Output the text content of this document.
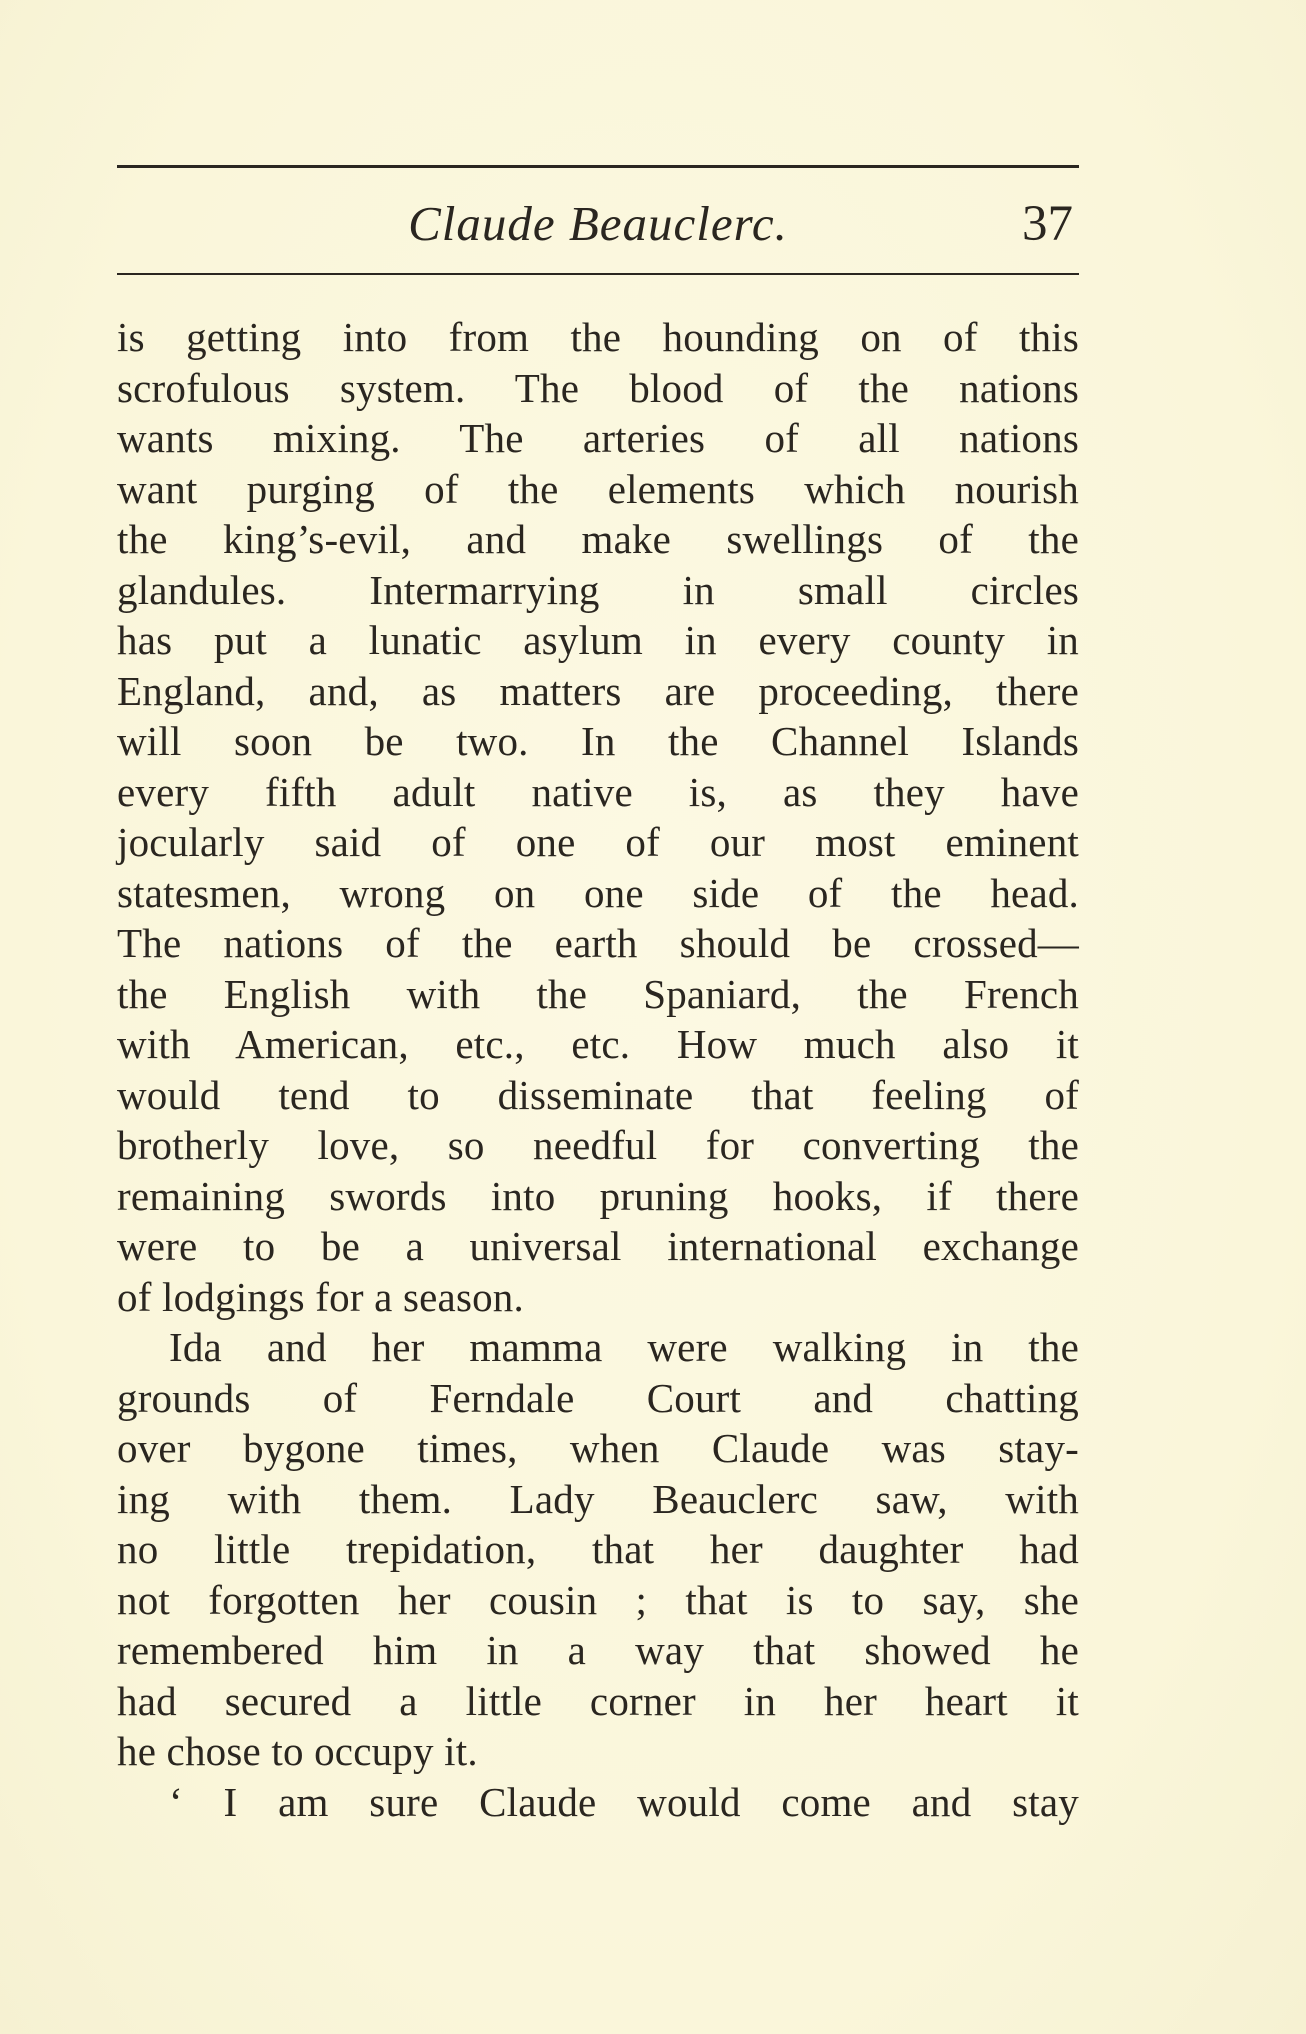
Claude Beauclerc.	37
is getting into from the hounding on of this
scrofulous system. The blood of the nations
wants mixing. The arteries of all nations
want purging of the elements which nourish
the king’s-evil, and make swellings of the
glandules. Intermarrying in small circles
has put a lunatic asylum in every county in
England, and, as matters are proceeding, there
will soon be two. In the Channel Islands
every fifth adult native is, as they have
jocularly said of one of our most eminent
statesmen, wrong on one side of the head.
The nations of the earth should be crossed—
the English with the Spaniard, the French
with American, etc., etc. How much also it
would tend to disseminate that feeling of
brotherly love, so needful for converting the
remaining swords into pruning hooks, if there
were to be a universal international exchange
of lodgings for a season.
Ida and her mamma were walking in the
grounds of Ferndale Court and chatting
over bygone times, when Claude was stay-
ing with them. Lady Beauclerc saw, with
no little trepidation, that her daughter had
not forgotten her cousin ; that is to say, she
remembered him in a way that showed he
had secured a little corner in her heart it
he chose to occupy it.
‘ I am sure Claude would come and stay
